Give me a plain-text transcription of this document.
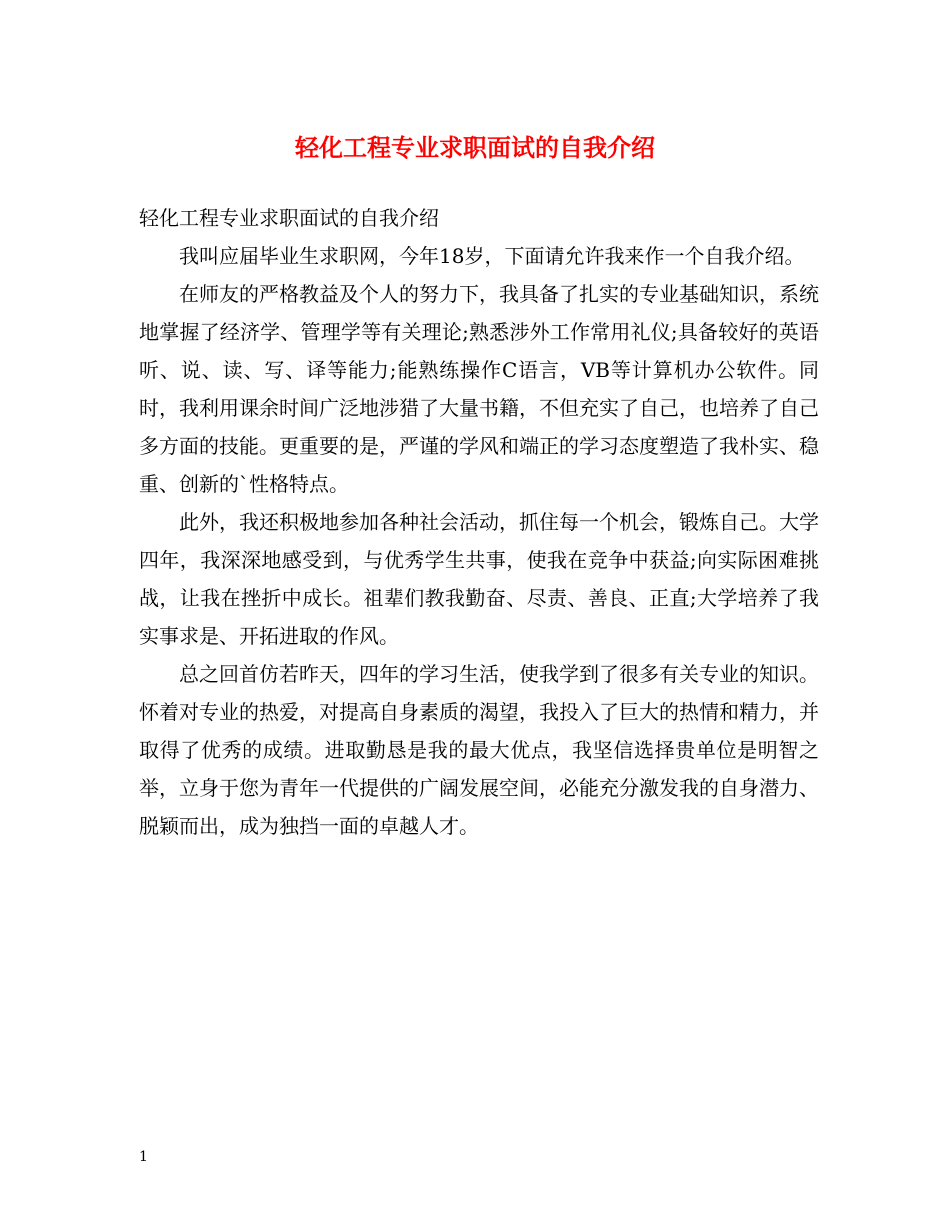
轻化工程专业求职面试的自我介绍

轻化工程专业求职面试的自我介绍

我叫应届毕业生求职网，今年18岁，下面请允许我来作一个自我介绍。

在师友的严格教益及个人的努力下，我具备了扎实的专业基础知识，系统地掌握了经济学、管理学等有关理论;熟悉涉外工作常用礼仪;具备较好的英语听、说、读、写、译等能力;能熟练操作C语言，VB等计算机办公软件。同时，我利用课余时间广泛地涉猎了大量书籍，不但充实了自己，也培养了自己多方面的技能。更重要的是，严谨的学风和端正的学习态度塑造了我朴实、稳重、创新的`性格特点。

此外，我还积极地参加各种社会活动，抓住每一个机会，锻炼自己。大学四年，我深深地感受到，与优秀学生共事，使我在竞争中获益;向实际困难挑战，让我在挫折中成长。祖辈们教我勤奋、尽责、善良、正直;大学培养了我实事求是、开拓进取的作风。

总之回首仿若昨天，四年的学习生活，使我学到了很多有关专业的知识。怀着对专业的热爱，对提高自身素质的渴望，我投入了巨大的热情和精力，并取得了优秀的成绩。进取勤恳是我的最大优点，我坚信选择贵单位是明智之举，立身于您为青年一代提供的广阔发展空间，必能充分激发我的自身潜力、脱颖而出，成为独挡一面的卓越人才。

1
